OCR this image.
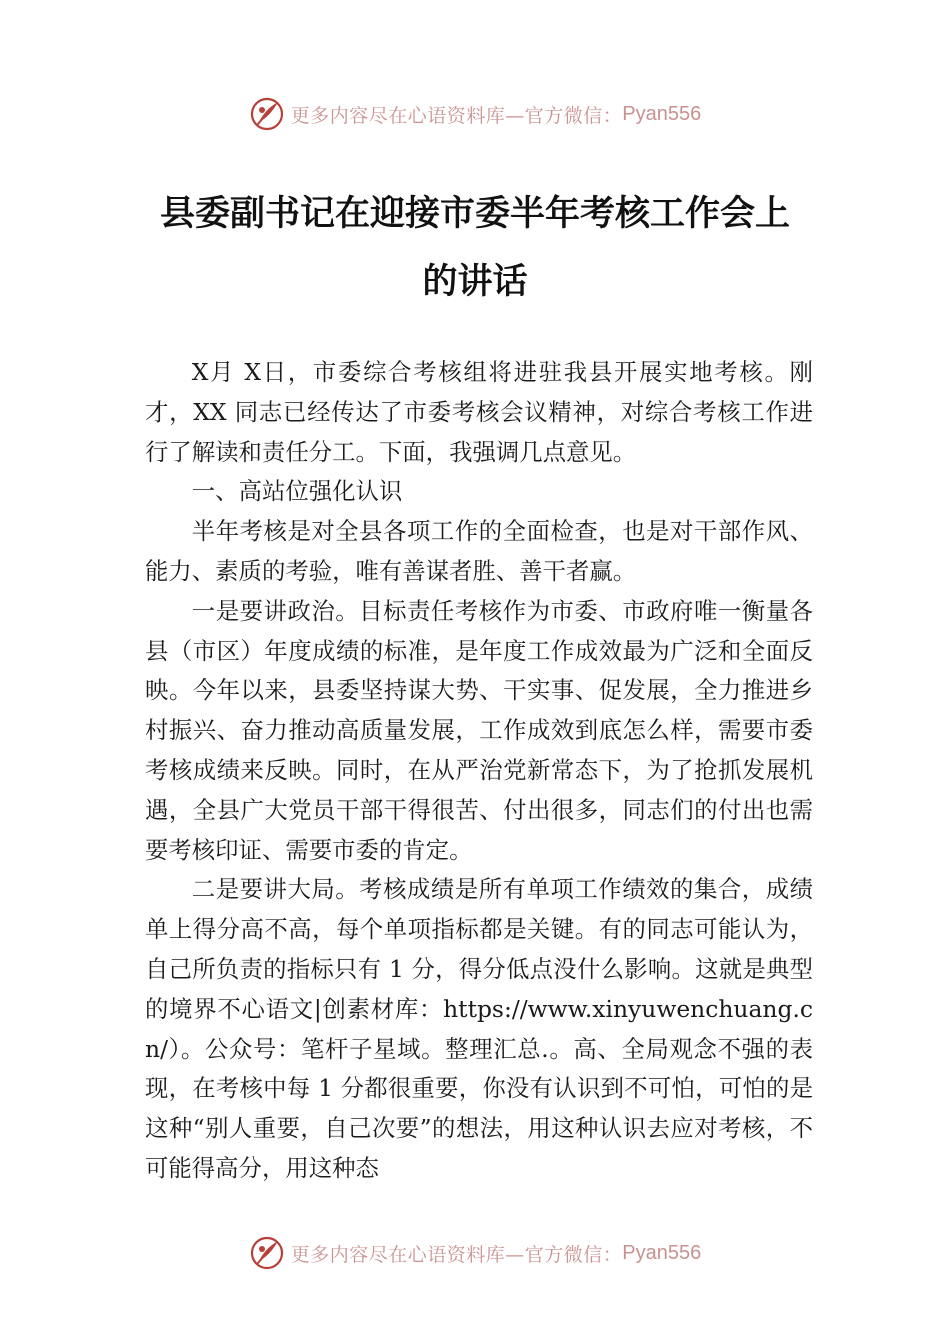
更多内容尽在心语资料库—官方微信： Pyan556
县委副书记在迎接市委半年考核工作会上
的讲话

X月 X日，市委综合考核组将进驻我县开展实地考核。刚才，XX 同志已经传达了市委考核会议精神，对综合考核工作进行了解读和责任分工。下面，我强调几点意见。

一、高站位强化认识

半年考核是对全县各项工作的全面检查，也是对干部作风、能力、素质的考验，唯有善谋者胜、善干者赢。

一是要讲政治。目标责任考核作为市委、市政府唯一衡量各县（市区）年度成绩的标准，是年度工作成效最为广泛和全面反映。今年以来，县委坚持谋大势、干实事、促发展，全力推进乡村振兴、奋力推动高质量发展，工作成效到底怎么样，需要市委考核成绩来反映。同时，在从严治党新常态下，为了抢抓发展机遇，全县广大党员干部干得很苦、付出很多，同志们的付出也需要考核印证、需要市委的肯定。

二是要讲大局。考核成绩是所有单项工作绩效的集合，成绩单上得分高不高，每个单项指标都是关键。有的同志可能认为，自己所负责的指标只有 1 分，得分低点没什么影响。这就是典型的境界不心语文|创素材库：https://www.xinyuwenchuang.cn/）。公众号：笔杆子星域。整理汇总.。高、全局观念不强的表现，在考核中每 1 分都很重要，你没有认识到不可怕，可怕的是这种“别人重要，自己次要”的想法，用这种认识去应对考核，不可能得高分，用这种态

更多内容尽在心语资料库—官方微信： Pyan556
